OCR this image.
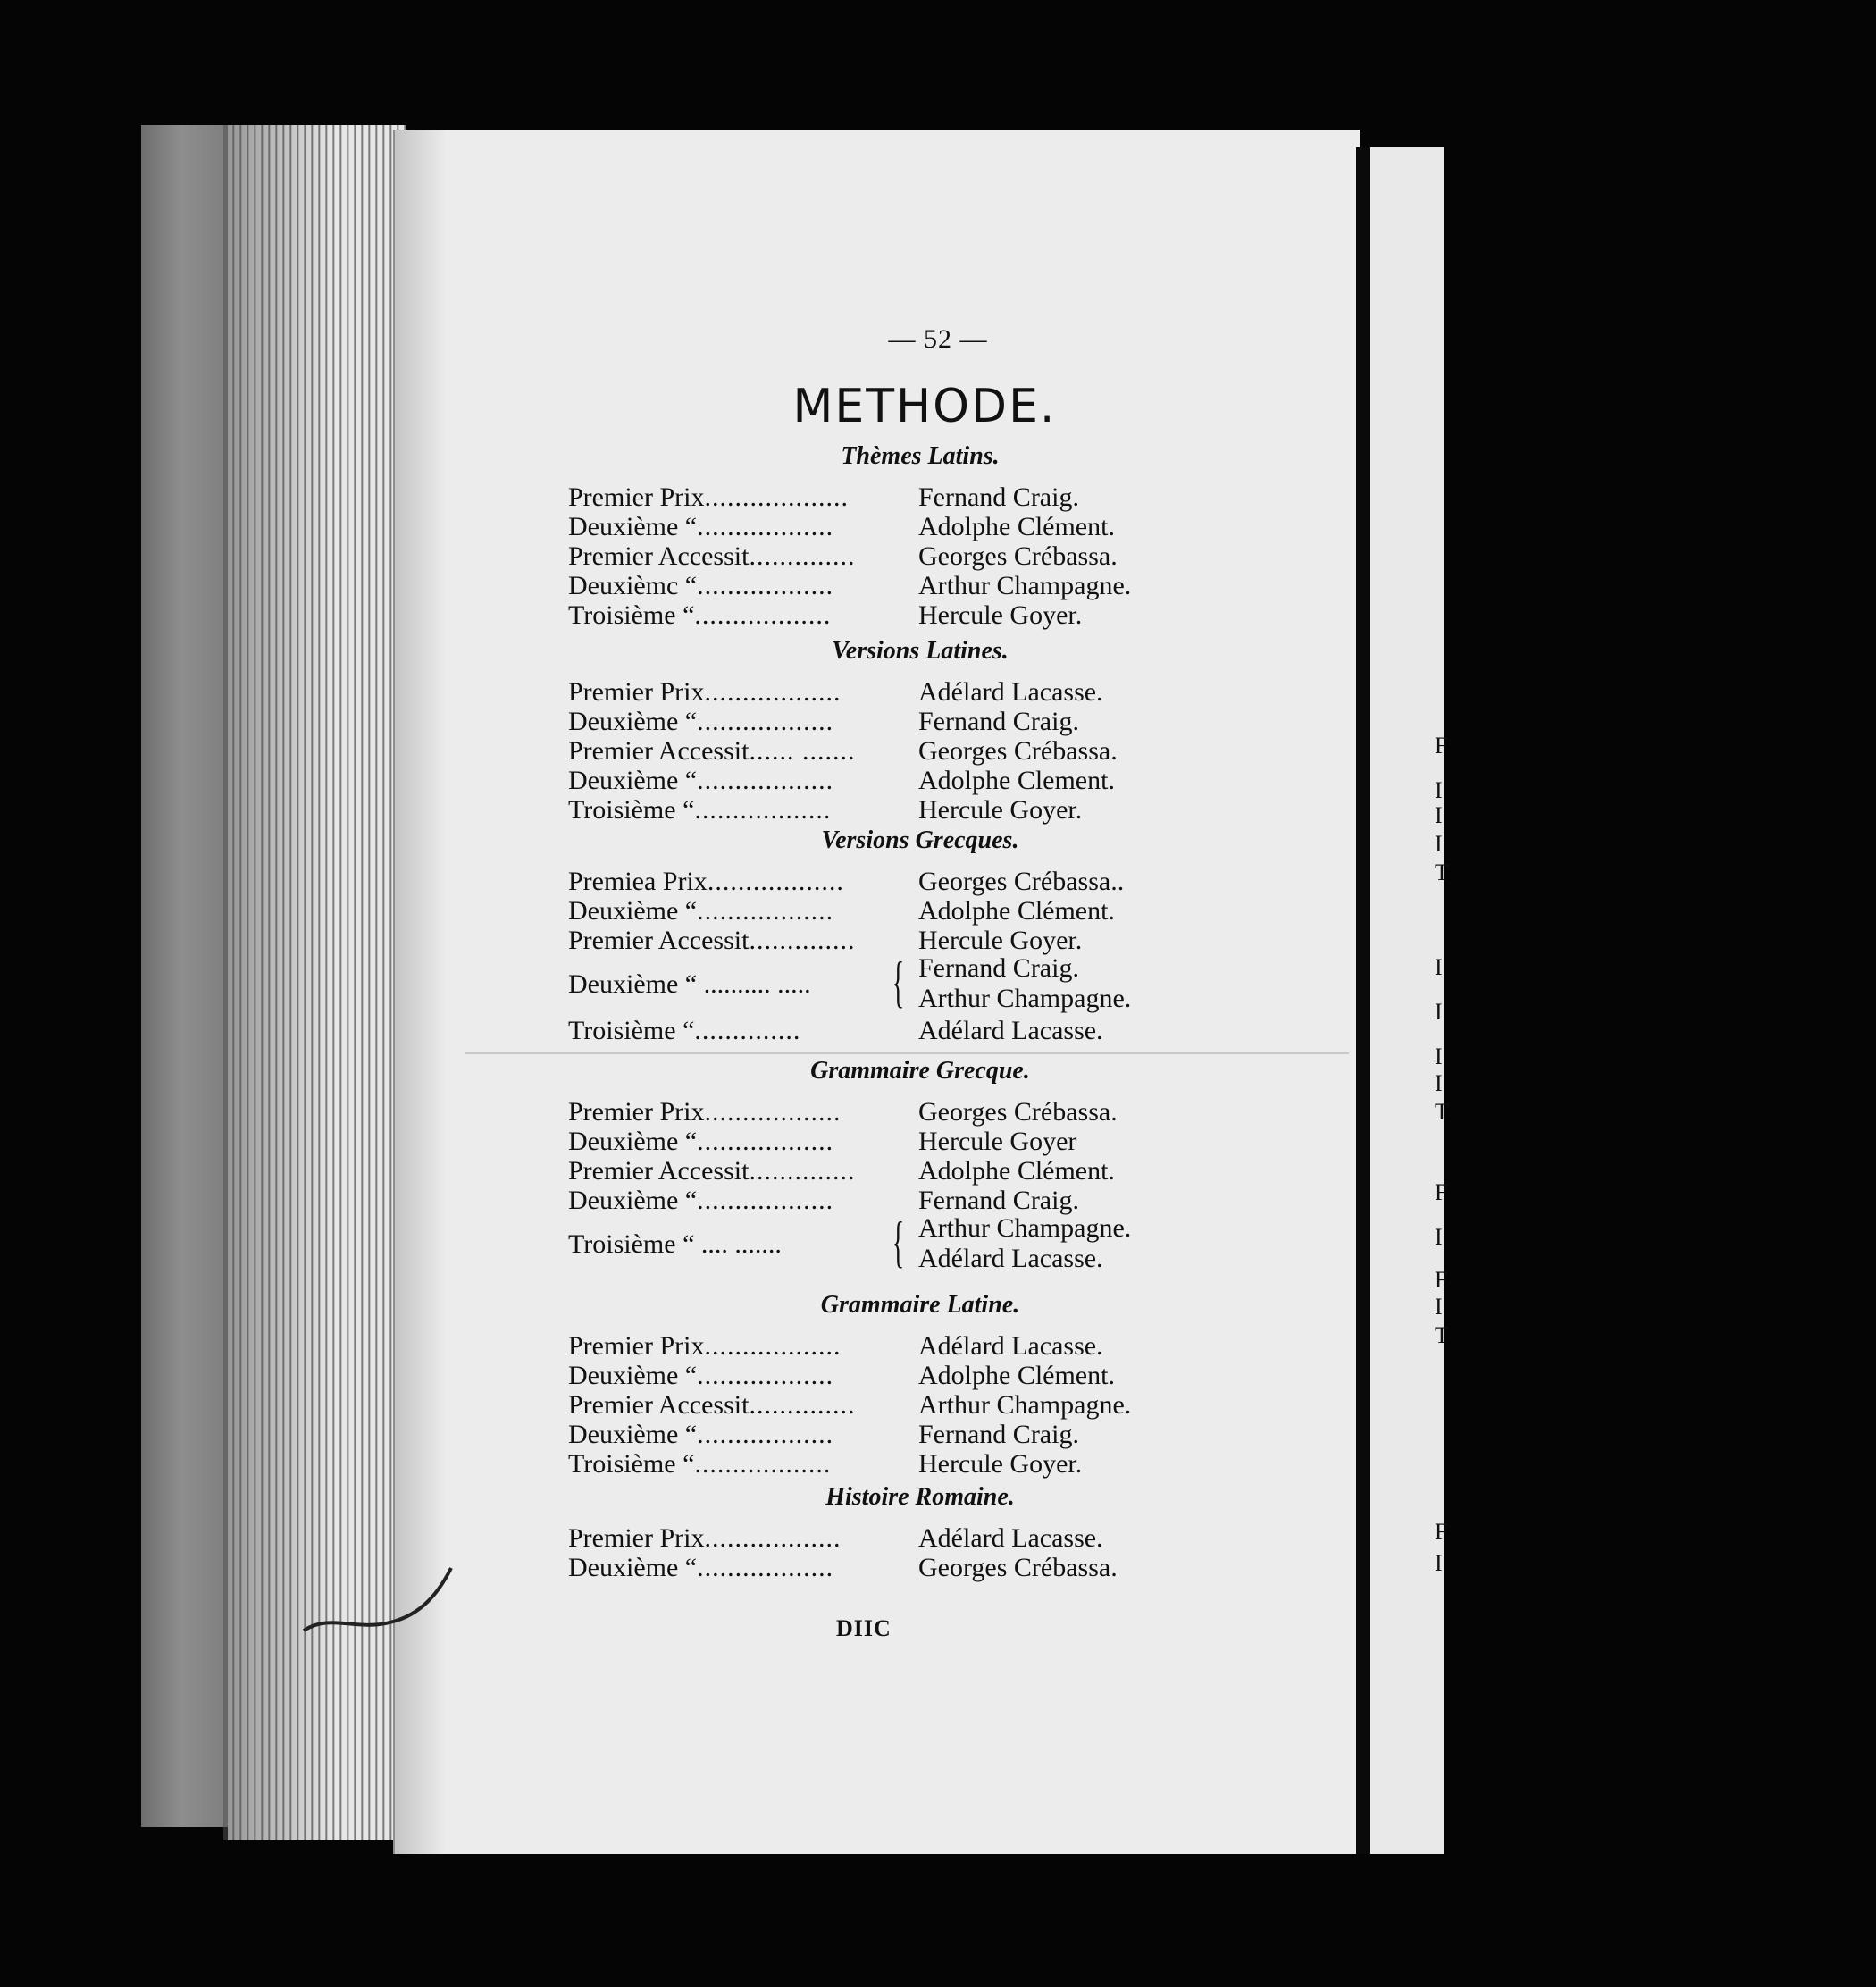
F
I
I
I
T
I
I
I
I
T
F
I
F
I
T
F
I
— 52 —
METHODE.
Thèmes Latins.
Premier Prix...................	Fernand Craig.
Deuxième “..................	Adolphe Clément.
Premier Accessit.............. Georges Crébassa.
Deuxièmc “..................	Arthur Champagne.
Troisième “..................	Hercule Goyer.
Versions Latines.
Premier Prix..................	Adélard Lacasse.
Deuxième “..................	Fernand Craig.
Premier Accessit...... ....... Georges Crébassa.
Deuxième “..................	Adolphe Clement.
Troisième “..................	Hercule Goyer.
Versions Grecques.
Premiea Prix..................	Georges Crébassa..
Deuxième “..................	Adolphe Clément.
Premier Accessit.............. Hercule Goyer.
Deuxième “ .......... ..... { Fernand Craig.
Arthur Champagne.
Troisième “..............	Adélard Lacasse.
Grammaire Grecque.
Premier Prix..................	Georges Crébassa.
Deuxième “..................	Hercule Goyer
Premier Accessit.............. Adolphe Clément.
Deuxième “..................	Fernand Craig.
Troisième “ .... ....... { Arthur Champagne.
Adélard Lacasse.
Grammaire Latine.
Premier Prix..................	Adélard Lacasse.
Deuxième “..................	Adolphe Clément.
Premier Accessit.............. Arthur Champagne.
Deuxième “..................	Fernand Craig.
Troisième “..................	Hercule Goyer.
Histoire Romaine.
Premier Prix..................	Adélard Lacasse.
Deuxième “..................	Georges Crébassa.
DIIC
